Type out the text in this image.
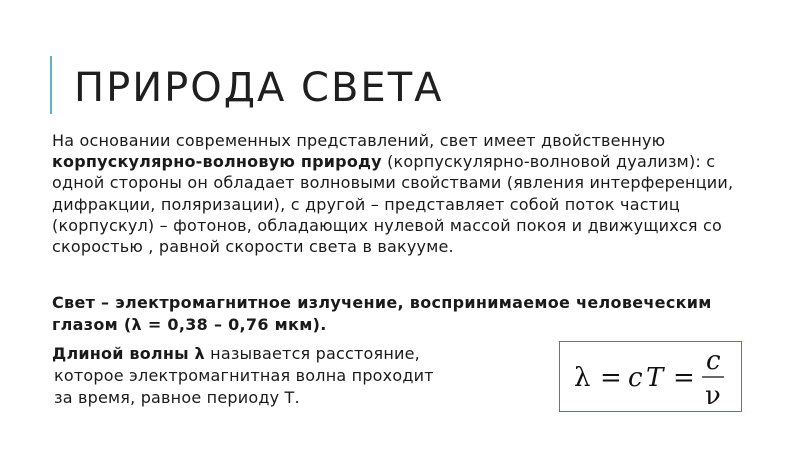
ПРИРОДА СВЕТА

На основании современных представлений, свет имеет двойственную корпускулярно-волновую природу (корпускулярно-волновой дуализм): с одной стороны он обладает волновыми свойствами (явления интерференции, дифракции, поляризации), с другой – представляет собой поток частиц (корпускул) – фотонов, обладающих нулевой массой покоя и движущихся со скоростью , равной скорости света в вакууме.

Свет – электромагнитное излучение, воспринимаемое человеческим глазом (λ = 0,38 – 0,76 мкм).

Длиной волны λ называется расстояние,
которое электромагнитная волна проходит
за время, равное периоду Т.

λ = c T =
c
ν
